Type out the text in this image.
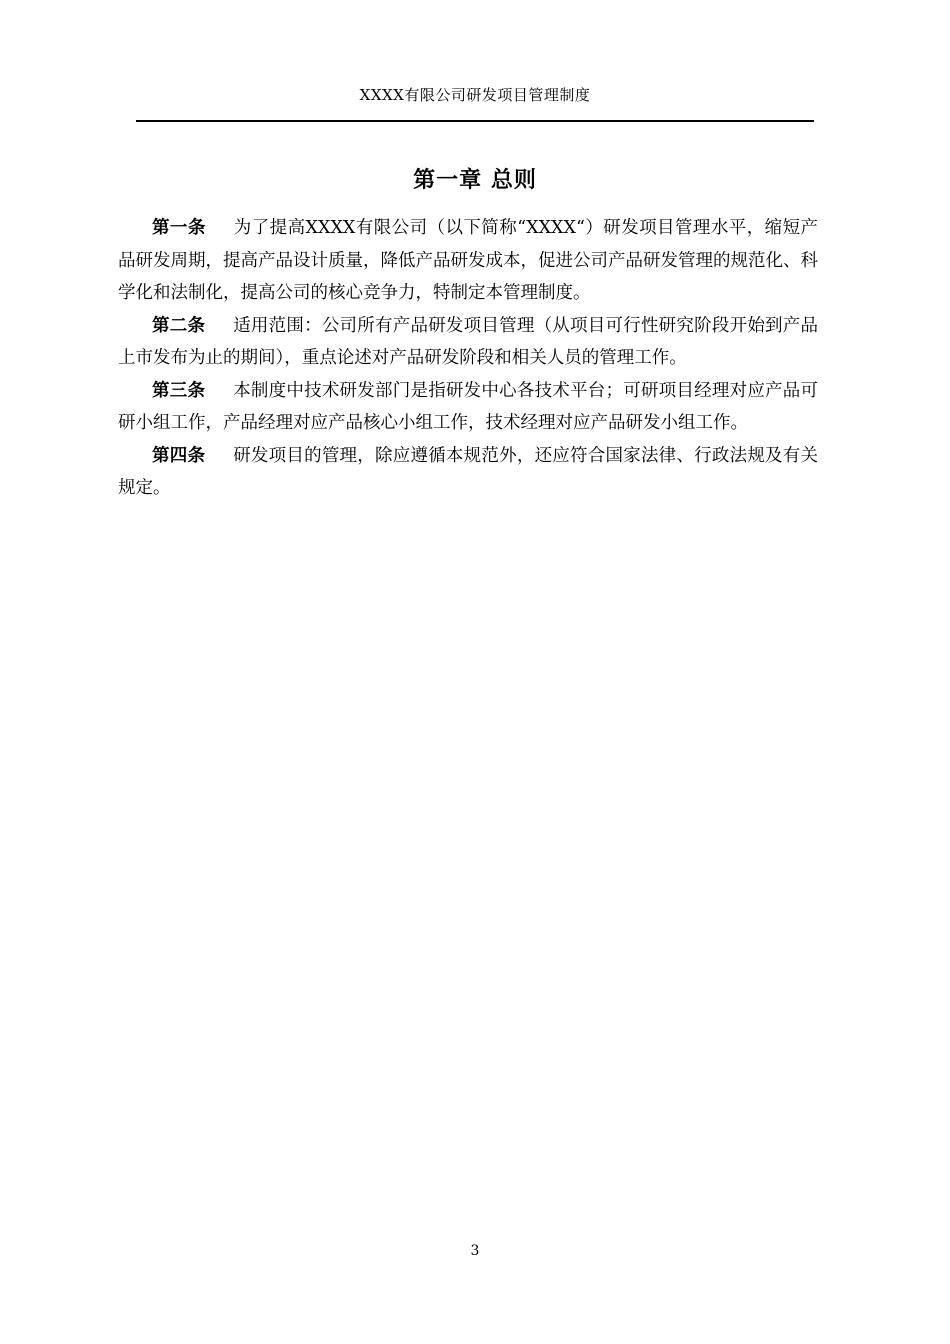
XXXX有限公司研发项目管理制度
第一章 总则

第一条 为了提高XXXX有限公司（以下简称“XXXX“）研发项目管理水平，缩短产品研发周期，提高产品设计质量，降低产品研发成本，促进公司产品研发管理的规范化、科学化和法制化，提高公司的核心竞争力，特制定本管理制度。

第二条 适用范围：公司所有产品研发项目管理（从项目可行性研究阶段开始到产品上市发布为止的期间），重点论述对产品研发阶段和相关人员的管理工作。

第三条 本制度中技术研发部门是指研发中心各技术平台；可研项目经理对应产品可研小组工作，产品经理对应产品核心小组工作，技术经理对应产品研发小组工作。

第四条 研发项目的管理，除应遵循本规范外，还应符合国家法律、行政法规及有关规定。

3
